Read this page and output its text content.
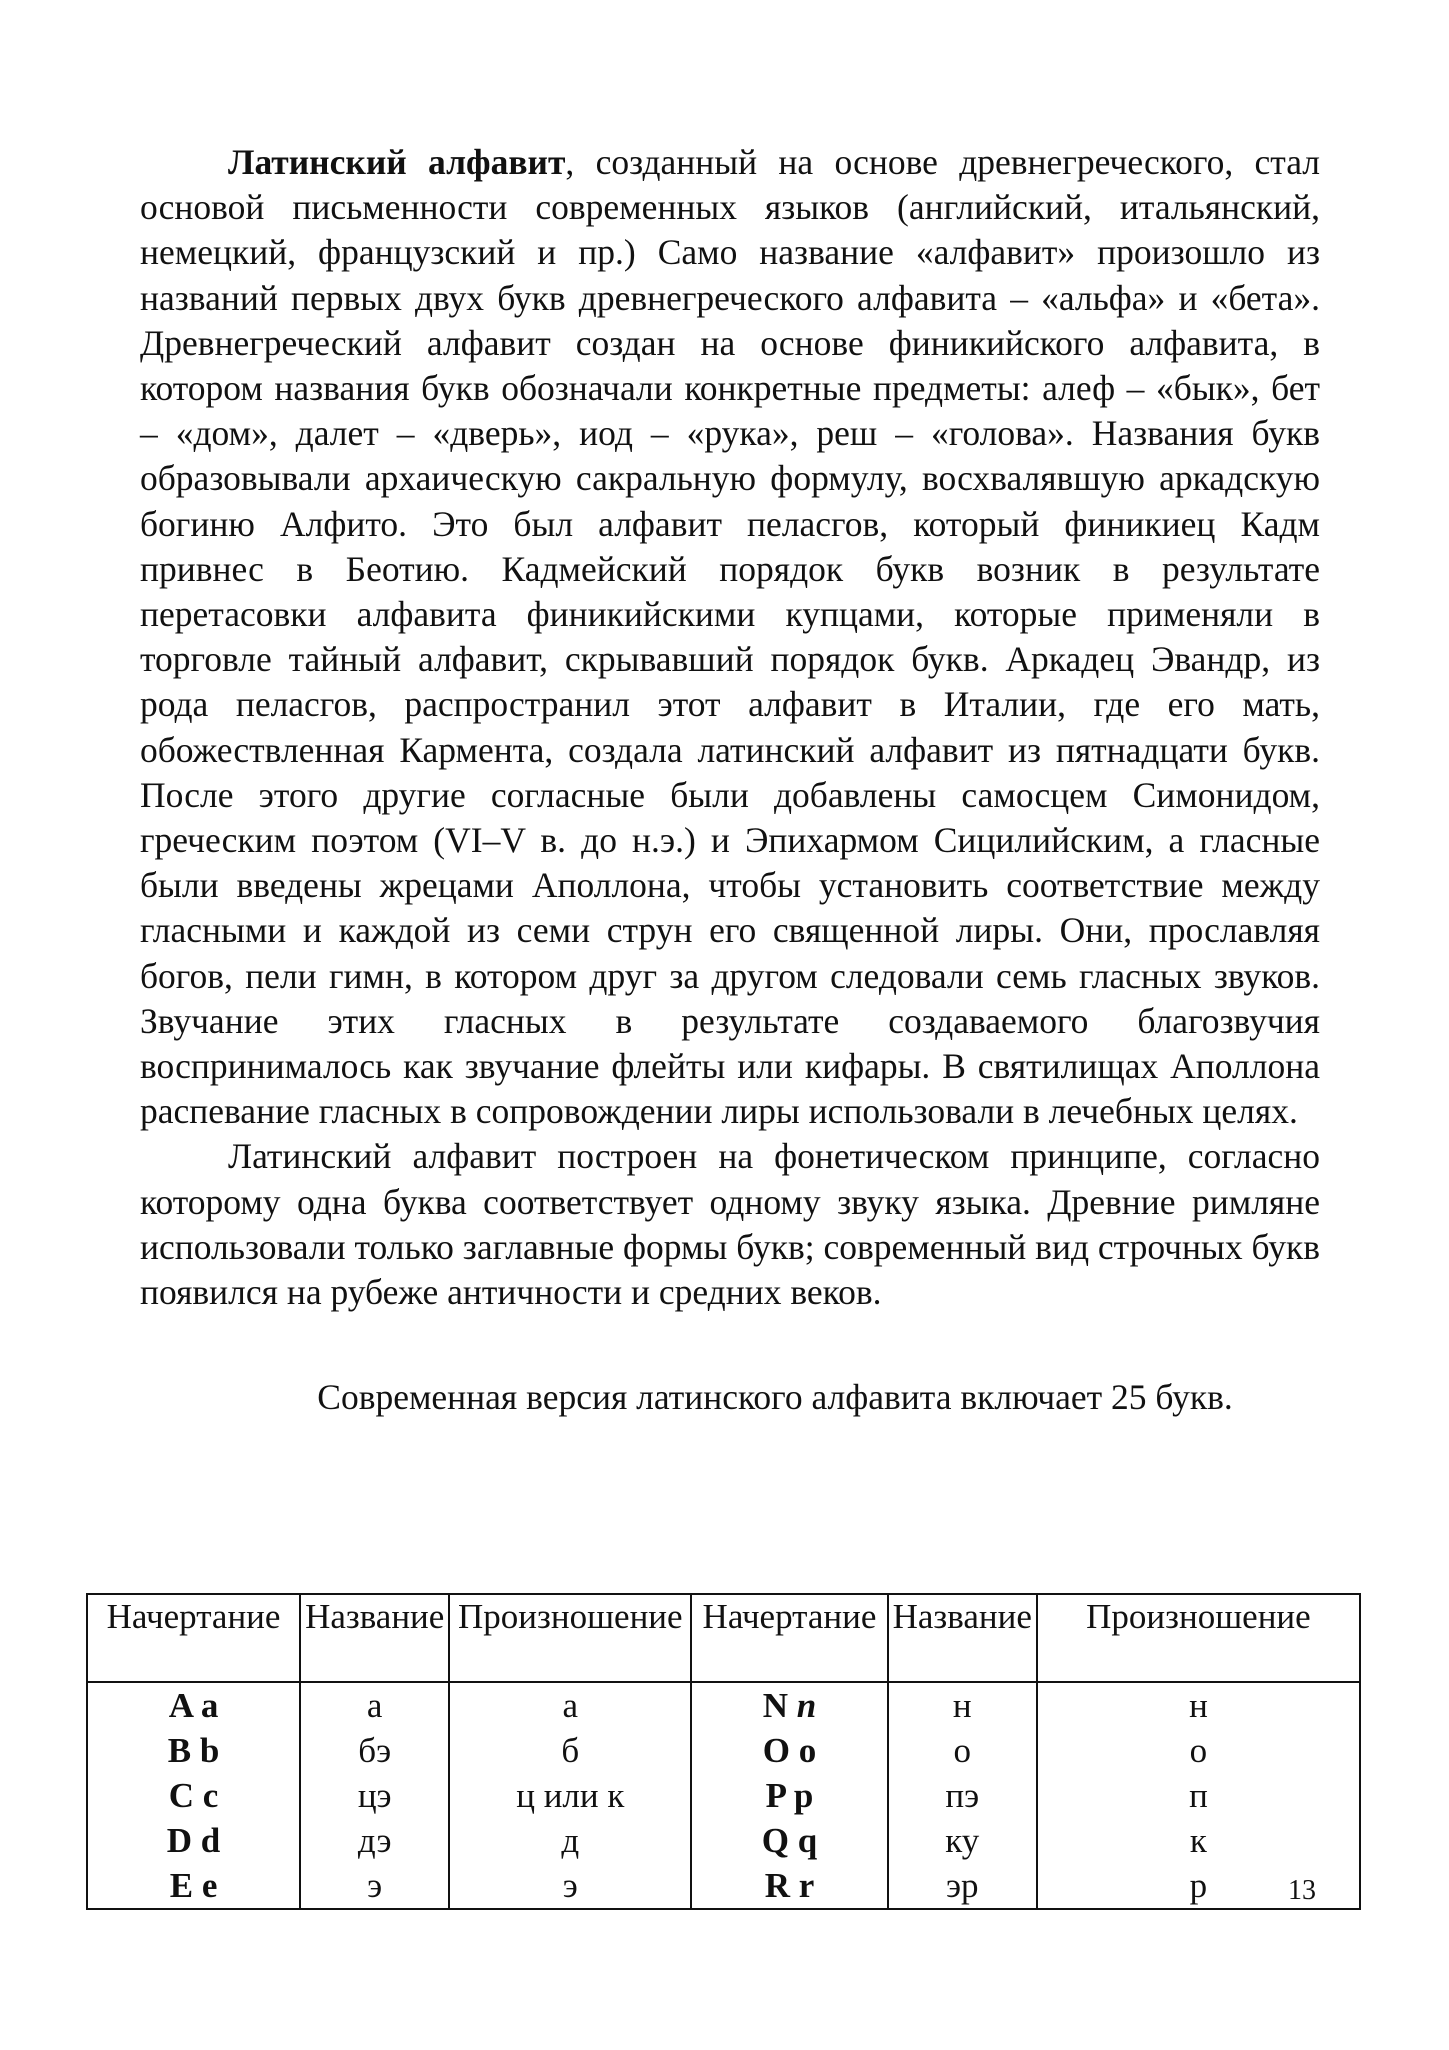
Латинский алфавит, созданный на основе древнегреческого, стал основой письменности современных языков (английский, итальянский, немецкий, французский и пр.) Само название «алфавит» произошло из названий первых двух букв древнегреческого алфавита – «альфа» и «бета». Древнегреческий алфавит создан на основе финикийского алфавита, в котором названия букв обозначали конкретные предметы: алеф – «бык», бет – «дом», далет – «дверь», иод – «рука», реш – «голова». Названия букв образовывали архаическую сакральную формулу, восхвалявшую аркадскую богиню Алфито. Это был алфавит пеласгов, который финикиец Кадм привнес в Беотию. Кадмейский порядок букв возник в результате перетасовки алфавита финикийскими купцами, которые применяли в торговле тайный алфавит, скрывавший порядок букв. Аркадец Эвандр, из рода пеласгов, распространил этот алфавит в Италии, где его мать, обожествленная Кармента, создала латинский алфавит из пятнадцати букв. После этого другие согласные были добавлены самосцем Симонидом, греческим поэтом (VI–V в. до н.э.) и Эпихармом Сицилийским, а гласные были введены жрецами Аполлона, чтобы установить соответствие между гласными и каждой из семи струн его священной лиры. Они, прославляя богов, пели гимн, в котором друг за другом следовали семь гласных звуков. Звучание этих гласных в результате создаваемого благозвучия воспринималось как звучание флейты или кифары. В святилищах Аполлона распевание гласных в сопровождении лиры использовали в лечебных целях.

Латинский алфавит построен на фонетическом принципе, согласно которому одна буква соответствует одному звуку языка. Древние римляне использовали только заглавные формы букв; современный вид строчных букв появился на рубеже античности и средних веков.

Современная версия латинского алфавита включает 25 букв.

Начертание	Название	Произношение	Начертание	Название	Произношение
A a	а	а	N n	н	н
B b	бэ	б	O o	о	о
C c	цэ	ц или к	P p	пэ	п
D d	дэ	д	Q q	ку	к
E e	э	э	R r	эр	р	13
